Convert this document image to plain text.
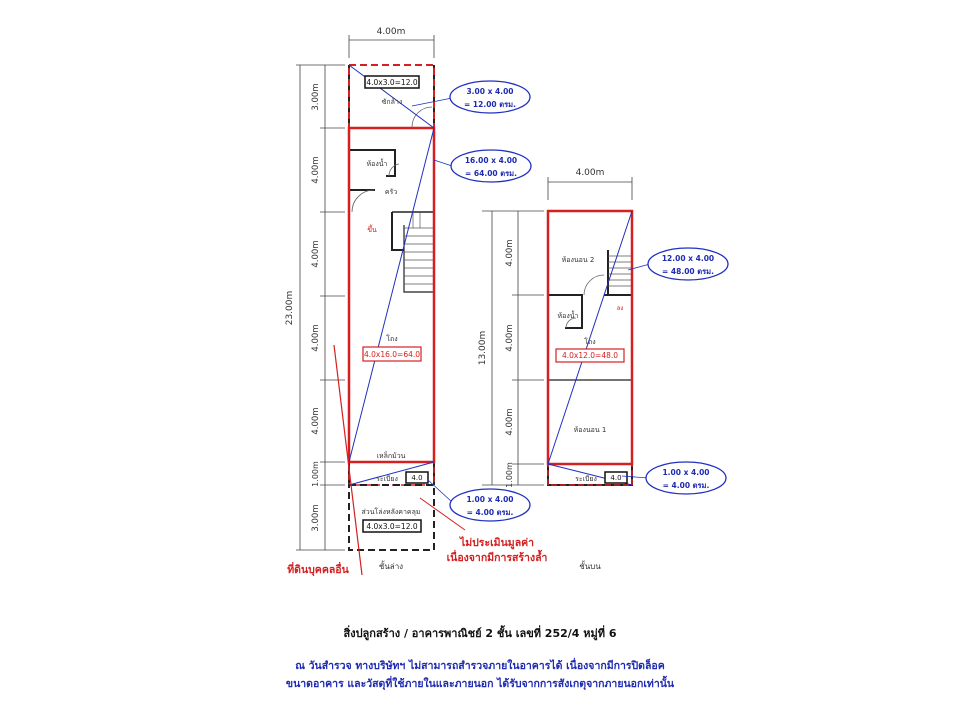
4.00m
23.00m
3.00m
4.00m
4.00m
4.00m
4.00m
1.00m
3.00m
4.0x3.0=12.0
4.0x16.0=64.0
4.0x3.0=12.0
4.0
ซักล้าง
ห้องน้ำ
ครัว
ขึ้น
โถง
เหล็กม้วน
ระเบียง
ส่วนโล่งหลังคาคลุม
ชั้นล่าง
ที่ดินบุคคลอื่น
ไม่ประเมินมูลค่า
เนื่องจากมีการสร้างล้ำ
4.00m
13.00m
4.00m
4.00m
4.00m
1.00m
4.0x12.0=48.0
4.0
ห้องนอน 2
ห้องน้ำ
ลง
โถง
ห้องนอน 1
ระเบียง
ชั้นบน
3.00 x 4.00
= 12.00 ตรม.
16.00 x 4.00
= 64.00 ตรม.
12.00 x 4.00
= 48.00 ตรม.
1.00 x 4.00
= 4.00 ตรม.
1.00 x 4.00
= 4.00 ตรม.
สิ่งปลูกสร้าง / อาคารพาณิชย์ 2 ชั้น เลขที่ 252/4 หมู่ที่ 6
ณ วันสำรวจ ทางบริษัทฯ ไม่สามารถสำรวจภายในอาคารได้ เนื่องจากมีการปิดล็อค
ขนาดอาคาร และวัสดุที่ใช้ภายในและภายนอก ได้รับจากการสังเกตุจากภายนอกเท่านั้น
